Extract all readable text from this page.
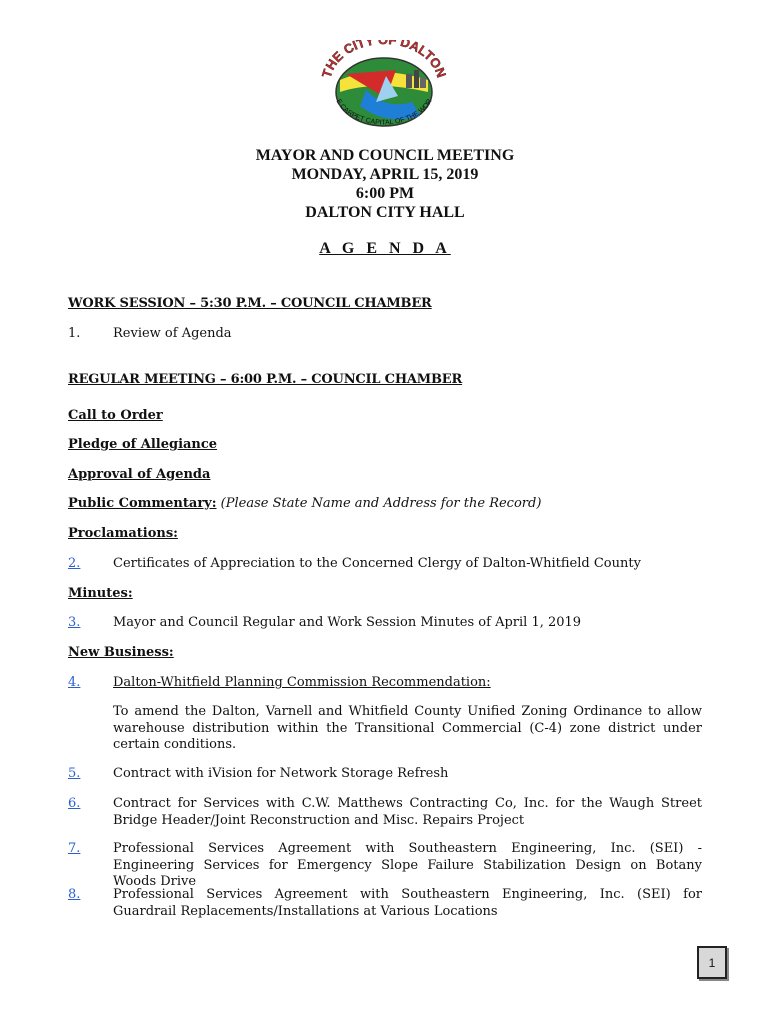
THE CITY DALTON
E CARPET CAPITAL OF THE WOR
MAYOR AND COUNCIL MEETING
MONDAY, APRIL 15, 2019
6:00 PM
DALTON CITY HALL
A G E N D A
WORK SESSION – 5:30 P.M. – COUNCIL CHAMBER
1.	Review of Agenda
REGULAR MEETING – 6:00 P.M. – COUNCIL CHAMBER
Call to Order
Pledge of Allegiance
Approval of Agenda
Public Commentary: (Please State Name and Address for the Record)
Proclamations:
2.	Certificates of Appreciation to the Concerned Clergy of Dalton-Whitfield County
Minutes:
3.	Mayor and Council Regular and Work Session Minutes of April 1, 2019
New Business:
4.	Dalton-Whitfield Planning Commission Recommendation:
To amend the Dalton, Varnell and Whitfield County Unified Zoning Ordinance to allow warehouse distribution within the Transitional Commercial (C-4) zone district under certain conditions.
5.	Contract with iVision for Network Storage Refresh
6.	Contract for Services with C.W. Matthews Contracting Co, Inc. for the Waugh Street Bridge Header/Joint Reconstruction and Misc. Repairs Project
7.	Professional Services Agreement with Southeastern Engineering, Inc. (SEI) - Engineering Services for Emergency Slope Failure Stabilization Design on Botany Woods Drive
8.	Professional Services Agreement with Southeastern Engineering, Inc. (SEI) for Guardrail Replacements/Installations at Various Locations
1
